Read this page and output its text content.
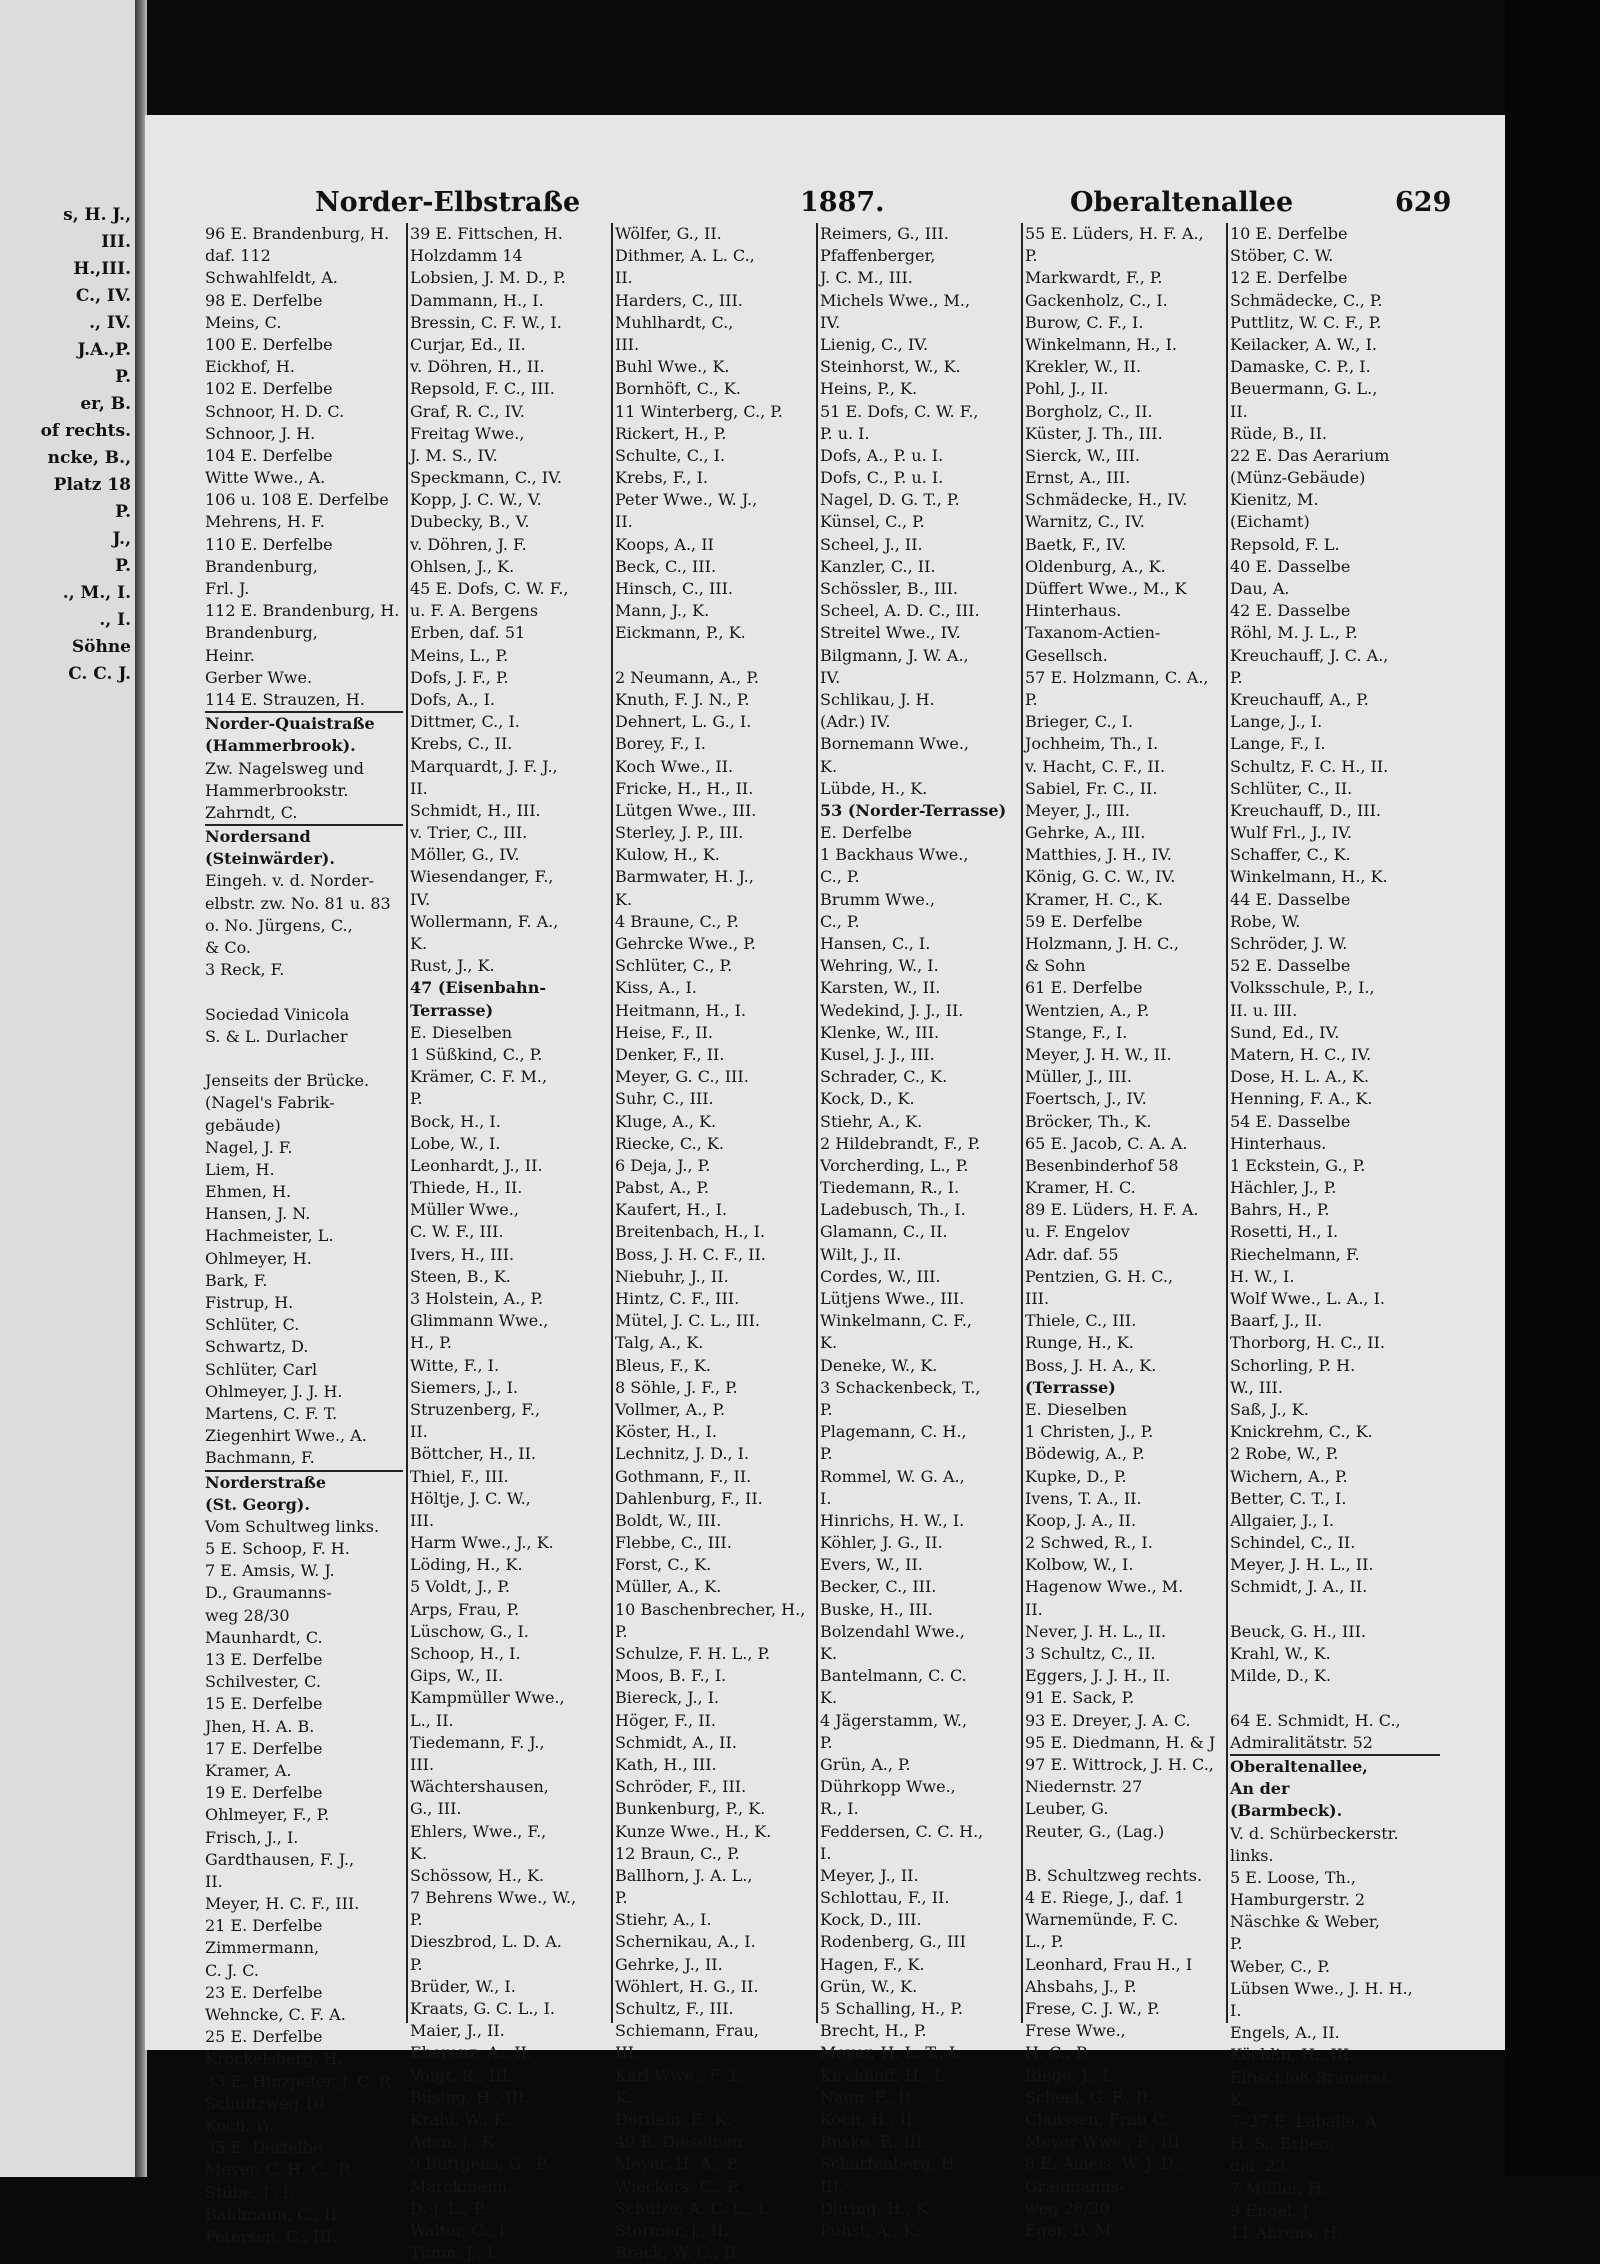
s, H. J.,
III.
H.,III.
C., IV.
., IV.
J.A.,P.
P.
er, B.
of rechts.
ncke, B.,
Platz 18
P.
J.,
P.
., M., I.
., I.
Söhne
C. C. J.
Norder-Elbstraße	1887.	Oberaltenallee	629
96 E. Brandenburg, H.
daf. 112
Schwahlfeldt, A.
98 E. Derfelbe
Meins, C.
100 E. Derfelbe
Eickhof, H.
102 E. Derfelbe
Schnoor, H. D. C.
Schnoor, J. H.
104 E. Derfelbe
Witte Wwe., A.
106 u. 108 E. Derfelbe
Mehrens, H. F.
110 E. Derfelbe
Brandenburg,
Frl. J.
112 E. Brandenburg, H.
Brandenburg,
Heinr.
Gerber Wwe.
114 E. Strauzen, H.
Norder-Quaistraße
(Hammerbrook).
Zw. Nagelsweg und
Hammerbrookstr.
Zahrndt, C.
Nordersand
(Steinwärder).
Eingeh. v. d. Norder-
elbstr. zw. No. 81 u. 83
o. No. Jürgens, C.,
& Co.
3 Reck, F.
Sociedad Vinicola
S. & L. Durlacher
Jenseits der Brücke.
(Nagel's Fabrik-
gebäude)
Nagel, J. F.
Liem, H.
Ehmen, H.
Hansen, J. N.
Hachmeister, L.
Ohlmeyer, H.
Bark, F.
Fistrup, H.
Schlüter, C.
Schwartz, D.
Schlüter, Carl
Ohlmeyer, J. J. H.
Martens, C. F. T.
Ziegenhirt Wwe., A.
Bachmann, F.
Norderstraße
(St. Georg).
Vom Schultweg links.
5 E. Schoop, F. H.
7 E. Amsis, W. J.
D., Graumanns-
weg 28/30
Maunhardt, C.
13 E. Derfelbe
Schilvester, C.
15 E. Derfelbe
Jhen, H. A. B.
17 E. Derfelbe
Kramer, A.
19 E. Derfelbe
Ohlmeyer, F., P.
Frisch, J., I.
Gardthausen, F. J.,
II.
Meyer, H. C. F., III.
21 E. Derfelbe
Zimmermann,
C. J. C.
23 E. Derfelbe
Wehncke, C. F. A.
25 E. Derfelbe
Kröckelsberg, H.
33 E. Hinzpeter, J. C. R.
Schultzweg 10
Koch, W.
35 E. Derfelbe
Meyer, C. H. C., P.
Stübe, J., I.
Bahlmann, C., II.
Petersen, C., III.
39 E. Fittschen, H.
Holzdamm 14
Lobsien, J. M. D., P.
Dammann, H., I.
Bressin, C. F. W., I.
Curjar, Ed., II.
v. Döhren, H., II.
Repsold, F. C., III.
Graf, R. C., IV.
Freitag Wwe.,
J. M. S., IV.
Speckmann, C., IV.
Kopp, J. C. W., V.
Dubecky, B., V.
v. Döhren, J. F.
Ohlsen, J., K.
45 E. Dofs, C. W. F.,
u. F. A. Bergens
Erben, daf. 51
Meins, L., P.
Dofs, J. F., P.
Dofs, A., I.
Dittmer, C., I.
Krebs, C., II.
Marquardt, J. F. J.,
II.
Schmidt, H., III.
v. Trier, C., III.
Möller, G., IV.
Wiesendanger, F.,
IV.
Wollermann, F. A.,
K.
Rust, J., K.
47 (Eisenbahn-
Terrasse)
E. Dieselben
1 Süßkind, C., P.
Krämer, C. F. M.,
P.
Bock, H., I.
Lobe, W., I.
Leonhardt, J., II.
Thiede, H., II.
Müller Wwe.,
C. W. F., III.
Ivers, H., III.
Steen, B., K.
3 Holstein, A., P.
Glimmann Wwe.,
H., P.
Witte, F., I.
Siemers, J., I.
Struzenberg, F.,
II.
Böttcher, H., II.
Thiel, F., III.
Höltje, J. C. W.,
III.
Harm Wwe., J., K.
Löding, H., K.
5 Voldt, J., P.
Arps, Frau, P.
Lüschow, G., I.
Schoop, H., I.
Gips, W., II.
Kampmüller Wwe.,
L., II.
Tiedemann, F. J.,
III.
Wächtershausen,
G., III.
Ehlers, Wwe., F.,
K.
Schössow, H., K.
7 Behrens Wwe., W.,
P.
Dieszbrod, L. D. A.
P.
Brüder, W., I.
Kraats, G. C. L., I.
Maier, J., II.
Eberenz, A., II.
Voigt, R., III.
Büsing, H., III.
Krahl, W., K.
Aden, J., K.
9 Büttgens, G., P.
Marckmann,
D. J. L., P.
Walter, C., I.
Timm, J., I.
Wölfer, G., II.
Dithmer, A. L. C.,
II.
Harders, C., III.
Muhlhardt, C.,
III.
Buhl Wwe., K.
Bornhöft, C., K.
11 Winterberg, C., P.
Rickert, H., P.
Schulte, C., I.
Krebs, F., I.
Peter Wwe., W. J.,
II.
Koops, A., II
Beck, C., III.
Hinsch, C., III.
Mann, J., K.
Eickmann, P., K.
2 Neumann, A., P.
Knuth, F. J. N., P.
Dehnert, L. G., I.
Borey, F., I.
Koch Wwe., II.
Fricke, H., H., II.
Lütgen Wwe., III.
Sterley, J. P., III.
Kulow, H., K.
Barmwater, H. J.,
K.
4 Braune, C., P.
Gehrcke Wwe., P.
Schlüter, C., P.
Kiss, A., I.
Heitmann, H., I.
Heise, F., II.
Denker, F., II.
Meyer, G. C., III.
Suhr, C., III.
Kluge, A., K.
Riecke, C., K.
6 Deja, J., P.
Pabst, A., P.
Kaufert, H., I.
Breitenbach, H., I.
Boss, J. H. C. F., II.
Niebuhr, J., II.
Hintz, C. F., III.
Mütel, J. C. L., III.
Talg, A., K.
Bleus, F., K.
8 Söhle, J. F., P.
Vollmer, A., P.
Köster, H., I.
Lechnitz, J. D., I.
Gothmann, F., II.
Dahlenburg, F., II.
Boldt, W., III.
Flebbe, C., III.
Forst, C., K.
Müller, A., K.
10 Baschenbrecher, H.,
P.
Schulze, F. H. L., P.
Moos, B. F., I.
Biereck, J., I.
Höger, F., II.
Schmidt, A., II.
Kath, H., III.
Schröder, F., III.
Bunkenburg, P., K.
Kunze Wwe., H., K.
12 Braun, C., P.
Ballhorn, J. A. L.,
P.
Stiehr, A., I.
Schernikau, A., I.
Gehrke, J., II.
Wöhlert, H. G., II.
Schultz, F., III.
Schiemann, Frau,
III.
Karl Wwe., F. T.,
K.
Dörflein, F., K.
49 E. Dieselben
Meyer, H. A., P.
Wieckers, C., P.
Schulze, A. C. L., I.
Stormer, J., II.
Brack, W. C., II.
Reimers, G., III.
Pfaffenberger,
J. C. M., III.
Michels Wwe., M.,
IV.
Lienig, C., IV.
Steinhorst, W., K.
Heins, P., K.
51 E. Dofs, C. W. F.,
P. u. I.
Dofs, A., P. u. I.
Dofs, C., P. u. I.
Nagel, D. G. T., P.
Künsel, C., P.
Scheel, J., II.
Kanzler, C., II.
Schössler, B., III.
Scheel, A. D. C., III.
Streitel Wwe., IV.
Bilgmann, J. W. A.,
IV.
Schlikau, J. H.
(Adr.) IV.
Bornemann Wwe.,
K.
Lübde, H., K.
53 (Norder-Terrasse)
E. Derfelbe
1 Backhaus Wwe.,
C., P.
Brumm Wwe.,
C., P.
Hansen, C., I.
Wehring, W., I.
Karsten, W., II.
Wedekind, J. J., II.
Klenke, W., III.
Kusel, J. J., III.
Schrader, C., K.
Kock, D., K.
Stiehr, A., K.
2 Hildebrandt, F., P.
Vorcherding, L., P.
Tiedemann, R., I.
Ladebusch, Th., I.
Glamann, C., II.
Wilt, J., II.
Cordes, W., III.
Lütjens Wwe., III.
Winkelmann, C. F.,
K.
Deneke, W., K.
3 Schackenbeck, T.,
P.
Plagemann, C. H.,
P.
Rommel, W. G. A.,
I.
Hinrichs, H. W., I.
Köhler, J. G., II.
Evers, W., II.
Becker, C., III.
Buske, H., III.
Bolzendahl Wwe.,
K.
Bantelmann, C. C.
K.
4 Jägerstamm, W.,
P.
Grün, A., P.
Dührkopp Wwe.,
R., I.
Feddersen, C. C. H.,
I.
Meyer, J., II.
Schlottau, F., II.
Kock, D., III.
Rodenberg, G., III
Hagen, F., K.
Grün, W., K.
5 Schalling, H., P.
Brecht, H., P.
Meyer, H. L. T., I.
Kirchhoff, H., I.
Naun, F., II.
Koch, H., II.
Buske, F., III.
Scharfenberg, H.,
III.
Düring, H., K.
Puhst, A., K.
55 E. Lüders, H. F. A.,
P.
Markwardt, F., P.
Gackenholz, C., I.
Burow, C. F., I.
Winkelmann, H., I.
Krekler, W., II.
Pohl, J., II.
Borgholz, C., II.
Küster, J. Th., III.
Sierck, W., III.
Ernst, A., III.
Schmädecke, H., IV.
Warnitz, C., IV.
Baetk, F., IV.
Oldenburg, A., K.
Düffert Wwe., M., K
Hinterhaus.
Taxanom-Actien-
Gesellsch.
57 E. Holzmann, C. A.,
P.
Brieger, C., I.
Jochheim, Th., I.
v. Hacht, C. F., II.
Sabiel, Fr. C., II.
Meyer, J., III.
Gehrke, A., III.
Matthies, J. H., IV.
König, G. C. W., IV.
Kramer, H. C., K.
59 E. Derfelbe
Holzmann, J. H. C.,
& Sohn
61 E. Derfelbe
Wentzien, A., P.
Stange, F., I.
Meyer, J. H. W., II.
Müller, J., III.
Foertsch, J., IV.
Bröcker, Th., K.
65 E. Jacob, C. A. A.
Besenbinderhof 58
Kramer, H. C.
89 E. Lüders, H. F. A.
u. F. Engelov
Adr. daf. 55
Pentzien, G. H. C.,
III.
Thiele, C., III.
Runge, H., K.
Boss, J. H. A., K.
(Terrasse)
E. Dieselben
1 Christen, J., P.
Bödewig, A., P.
Kupke, D., P.
Ivens, T. A., II.
Koop, J. A., II.
2 Schwed, R., I.
Kolbow, W., I.
Hagenow Wwe., M.
II.
Never, J. H. L., II.
3 Schultz, C., II.
Eggers, J. J. H., II.
91 E. Sack, P.
93 E. Dreyer, J. A. C.
95 E. Diedmann, H. & J
97 E. Wittrock, J. H. C.,
Niedernstr. 27
Leuber, G.
Reuter, G., (Lag.)
B. Schultzweg rechts.
4 E. Riege, J., daf. 1
Warnemünde, F. C.
L., P.
Leonhard, Frau H., I
Ahsbahs, J., P.
Frese, C. J. W., P.
Frese Wwe.,
H. C., P.
Riege, J., I.
Scheel, G. F., II.
Claussen, Frau C.
Meyer Wwe., F., III
8 E. Ameis, W. J. D.,
Graumanns-
weg 28/30
Eger, D. M.
10 E. Derfelbe
Stöber, C. W.
12 E. Derfelbe
Schmädecke, C., P.
Puttlitz, W. C. F., P.
Keilacker, A. W., I.
Damaske, C. P., I.
Beuermann, G. L.,
II.
Rüde, B., II.
22 E. Das Aerarium
(Münz-Gebäude)
Kienitz, M.
(Eichamt)
Repsold, F. L.
40 E. Dasselbe
Dau, A.
42 E. Dasselbe
Röhl, M. J. L., P.
Kreuchauff, J. C. A.,
P.
Kreuchauff, A., P.
Lange, J., I.
Lange, F., I.
Schultz, F. C. H., II.
Schlüter, C., II.
Kreuchauff, D., III.
Wulf Frl., J., IV.
Schaffer, C., K.
Winkelmann, H., K.
44 E. Dasselbe
Robe, W.
Schröder, J. W.
52 E. Dasselbe
Volksschule, P., I.,
II. u. III.
Sund, Ed., IV.
Matern, H. C., IV.
Dose, H. L. A., K.
Henning, F. A., K.
54 E. Dasselbe
Hinterhaus.
1 Eckstein, G., P.
Hächler, J., P.
Bahrs, H., P.
Rosetti, H., I.
Riechelmann, F.
H. W., I.
Wolf Wwe., L. A., I.
Baarf, J., II.
Thorborg, H. C., II.
Schorling, P. H.
W., III.
Saß, J., K.
Knickrehm, C., K.
2 Robe, W., P.
Wichern, A., P.
Better, C. T., I.
Allgaier, J., I.
Schindel, C., II.
Meyer, J. H. L., II.
Schmidt, J. A., II.
Beuck, G. H., III.
Krahl, W., K.
Milde, D., K.
64 E. Schmidt, H. C.,
Admiralitätstr. 52
Oberaltenallee,
An der
(Barmbeck).
V. d. Schürbeckerstr.
links.
5 E. Loose, Th.,
Hamburgerstr. 2
Näschke & Weber,
P.
Weber, C., P.
Lübsen Wwe., J. H. H.,
I.
Engels, A., II.
Köchlin, H., III.
Elbschloß-Brauerei,
K.
7–27 E. Laballe, A.
H. S., Erben,
daf. 23
7 Müller, H.
9 Engel, J.
11 Ahrens, H.
